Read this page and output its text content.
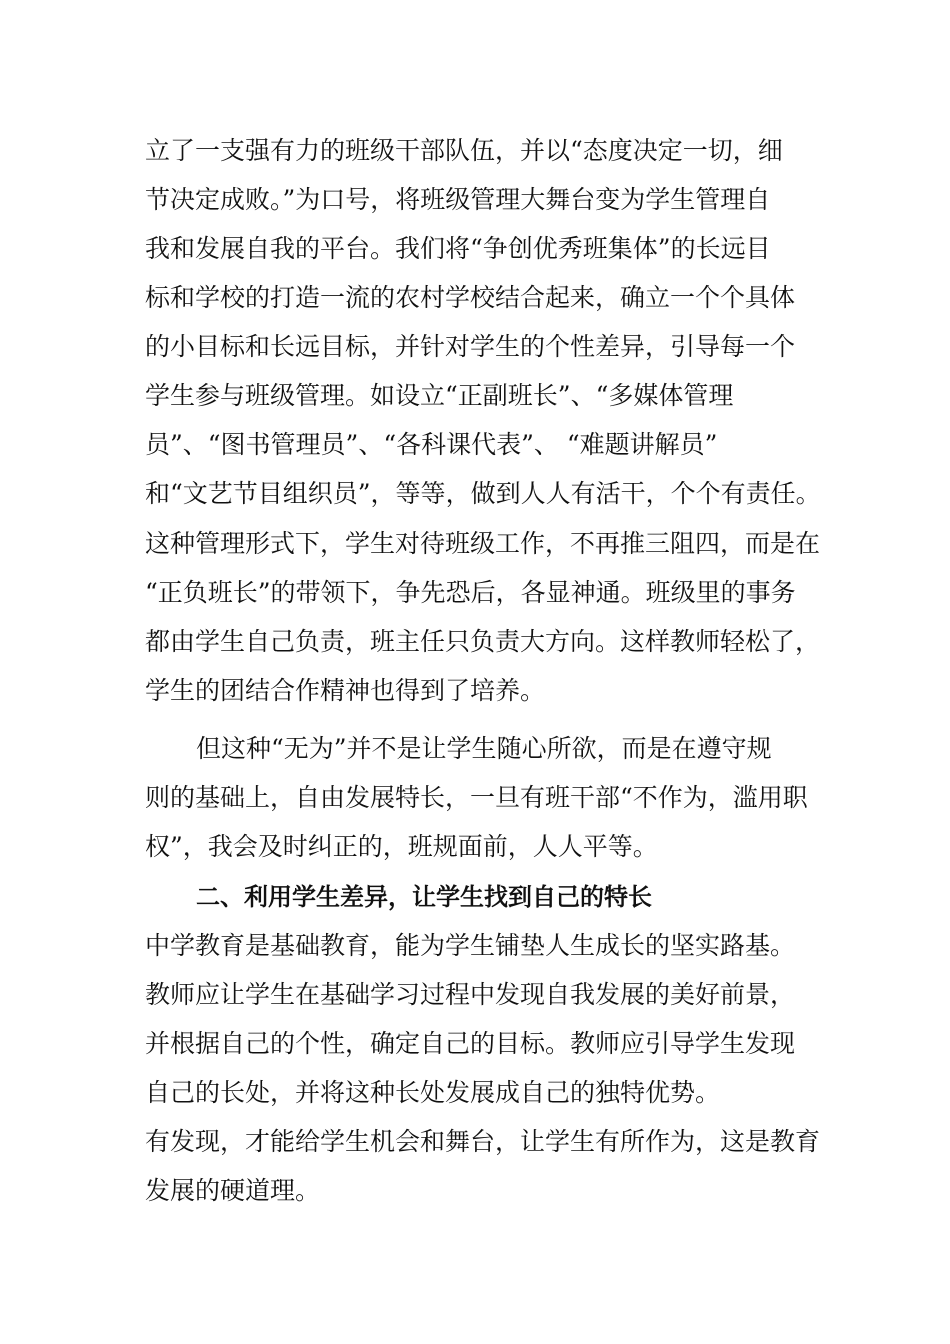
立了一支强有力的班级干部队伍，并以“态度决定一切，细
节决定成败。”为口号，将班级管理大舞台变为学生管理自
我和发展自我的平台。我们将“争创优秀班集体”的长远目
标和学校的打造一流的农村学校结合起来，确立一个个具体
的小目标和长远目标，并针对学生的个性差异，引导每一个
学生参与班级管理。如设立“正副班长”、“多媒体管理
员”、“图书管理员”、“各科课代表”、 “难题讲解员”
和“文艺节目组织员”，等等，做到人人有活干，个个有责任。
这种管理形式下，学生对待班级工作，不再推三阻四，而是在
“正负班长”的带领下，争先恐后，各显神通。班级里的事务
都由学生自己负责，班主任只负责大方向。这样教师轻松了，
学生的团结合作精神也得到了培养。
但这种“无为”并不是让学生随心所欲，而是在遵守规
则的基础上，自由发展特长，一旦有班干部“不作为，滥用职
权”，我会及时纠正的，班规面前，人人平等。
二、利用学生差异，让学生找到自己的特长
中学教育是基础教育，能为学生铺垫人生成长的坚实路基。
教师应让学生在基础学习过程中发现自我发展的美好前景，
并根据自己的个性，确定自己的目标。教师应引导学生发现
自己的长处，并将这种长处发展成自己的独特优势。
有发现，才能给学生机会和舞台，让学生有所作为，这是教育
发展的硬道理。
